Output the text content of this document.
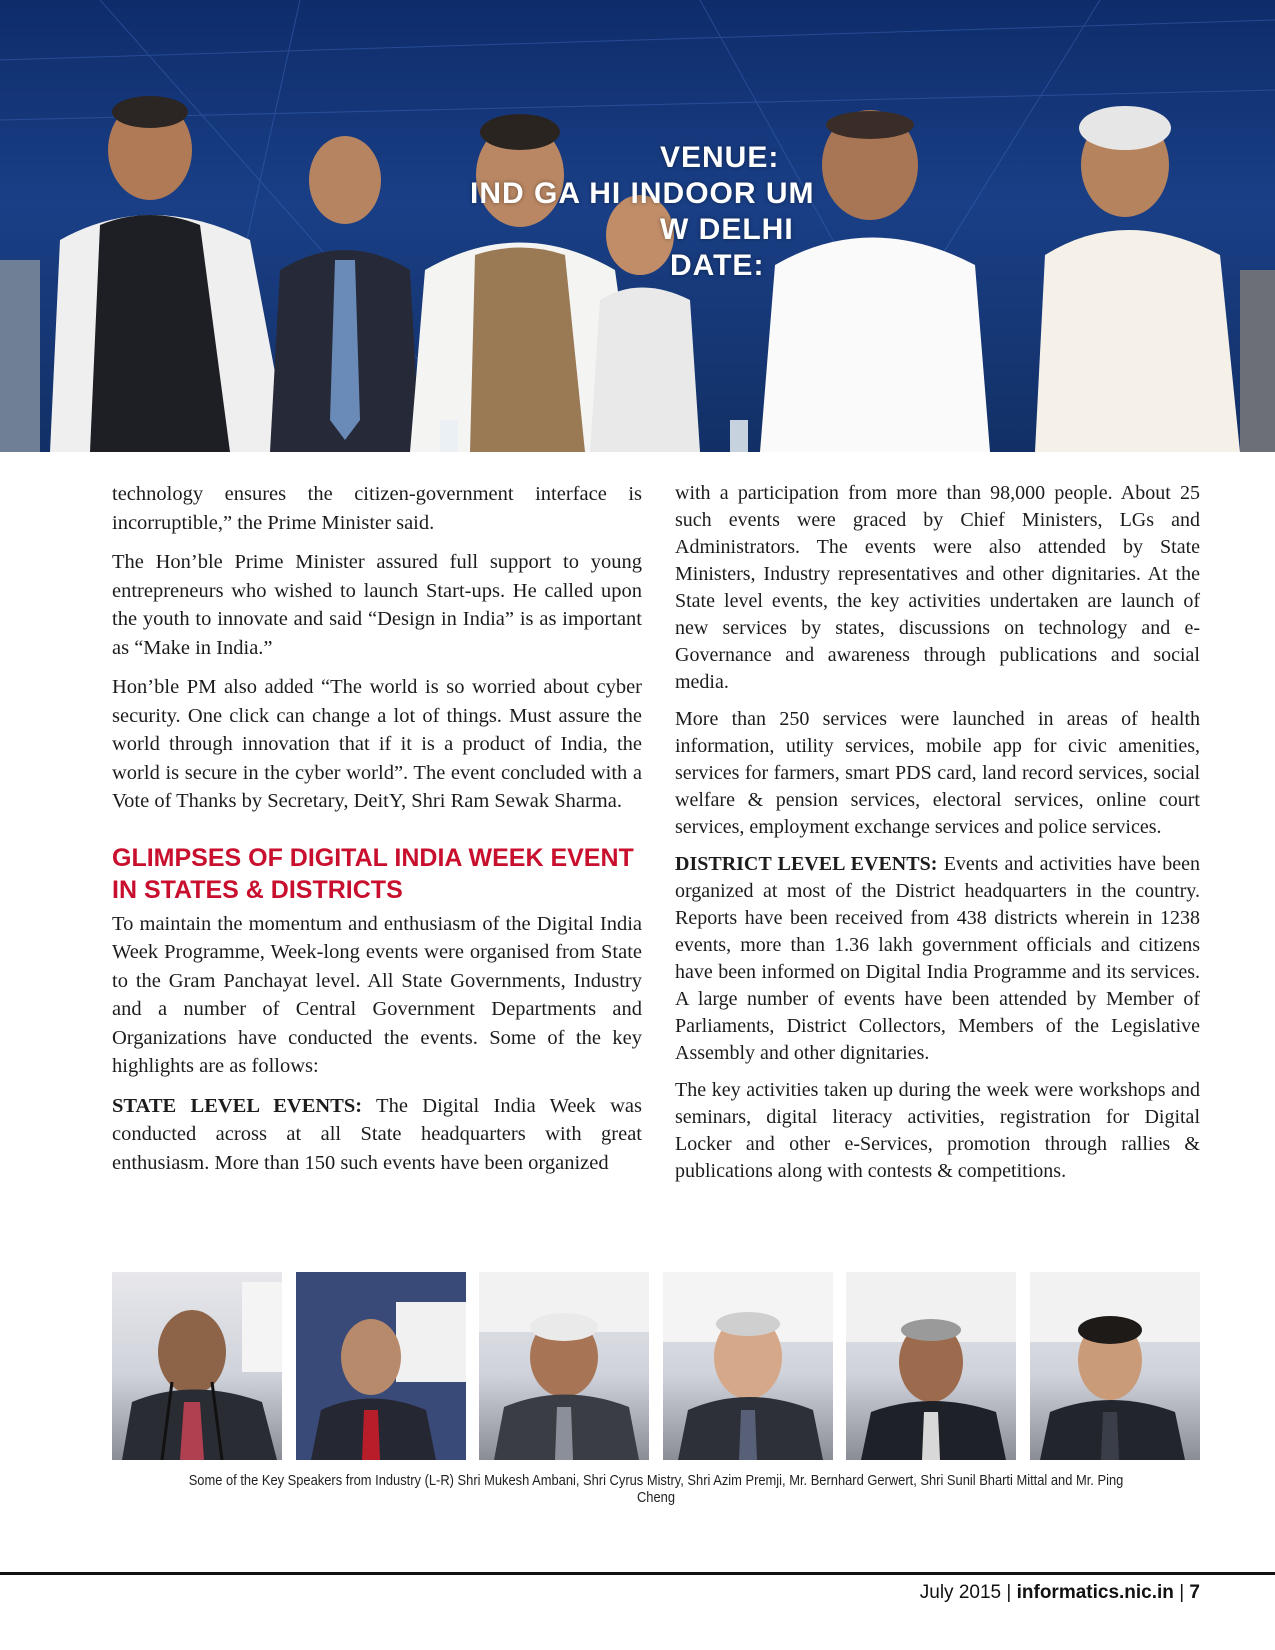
VENUE:
IND GA HI INDOOR UM
W DELHI
DATE:

technology ensures the citizen-government interface is incorruptible,” the Prime Minister said.

The Hon’ble Prime Minister assured full support to young entrepreneurs who wished to launch Start-ups. He called upon the youth to innovate and said “Design in India” is as important as “Make in India.”

Hon’ble PM also added “The world is so worried about cyber security. One click can change a lot of things. Must assure the world through innovation that if it is a product of India, the world is secure in the cyber world”. The event concluded with a Vote of Thanks by Secretary, DeitY, Shri Ram Sewak Sharma.

GLIMPSES OF DIGITAL INDIA WEEK EVENT IN STATES & DISTRICTS

To maintain the momentum and enthusiasm of the Digital India Week Programme, Week-long events were organised from State to the Gram Panchayat level. All State Governments, Industry and a number of Central Government Departments and Organizations have conducted the events. Some of the key highlights are as follows:

STATE LEVEL EVENTS: The Digital India Week was conducted across at all State headquarters with great enthusiasm. More than 150 such events have been organized

with a participation from more than 98,000 people. About 25 such events were graced by Chief Ministers, LGs and Administrators. The events were also attended by State Ministers, Industry representatives and other dignitaries. At the State level events, the key activities undertaken are launch of new services by states, discussions on technology and e-Governance and awareness through publications and social media.

More than 250 services were launched in areas of health information, utility services, mobile app for civic amenities, services for farmers, smart PDS card, land record services, social welfare & pension services, electoral services, online court services, employment exchange services and police services.

DISTRICT LEVEL EVENTS: Events and activities have been organized at most of the District headquarters in the country. Reports have been received from 438 districts wherein in 1238 events, more than 1.36 lakh government officials and citizens have been informed on Digital India Programme and its services. A large number of events have been attended by Member of Parliaments, District Collectors, Members of the Legislative Assembly and other dignitaries.

The key activities taken up during the week were workshops and seminars, digital literacy activities, registration for Digital Locker and other e-Services, promotion through rallies & publications along with contests & competitions.

Some of the Key Speakers from Industry (L-R) Shri Mukesh Ambani, Shri Cyrus Mistry, Shri Azim Premji, Mr. Bernhard Gerwert, Shri Sunil Bharti Mittal and Mr. Ping Cheng
July 2015 | informatics.nic.in | 7
